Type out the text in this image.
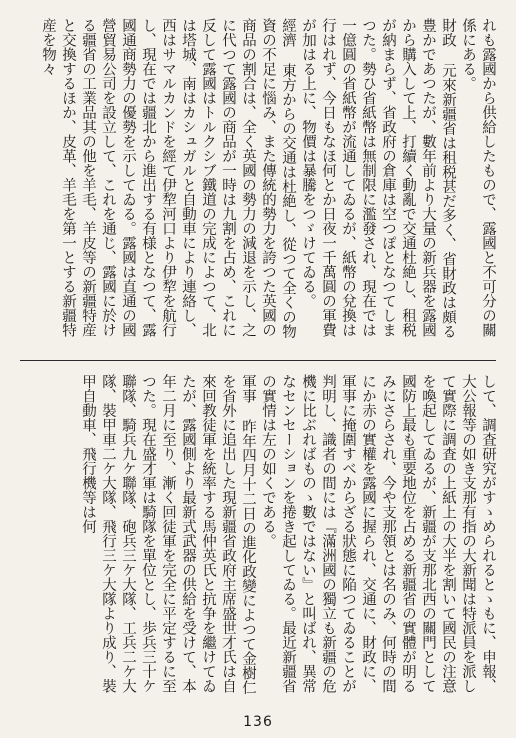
れも露國から供給したもので、露國と不可分の關係にある。
財政 元來新疆省は租税甚だ多く、省財政は頗る豊かであつたが、數年前より大量の新兵器を露國から購入して上、打續く動亂で交通杜絶し、租税が納まらず、省政府の倉庫は空つぽとなつてしまつた。勢ひ省紙幣は無制限に濫發され、現在では一億圓の省紙幣が流通してゐるが、紙幣の兌換は行はれず、今日もなほ何とか日夜一千萬圓の軍費が加はる上に、物價は暴騰をつゞけてゐる。
經濟 東方からの交通は杜絶し、從つて全くの物資の不足に惱み、また傳統的勢力を誇つた英國の商品の割合は、全く英國の勢力の減退を示し、之に代つて露國の商品が一時は九割を占め、これに反して露國はトルクシブ鐵道の完成によつて、北は塔城、南はカシュガルと自動車により連絡し、西はサマルカンドを經て伊犂河口より伊犂を航行し、現在では疆北から進出する有様となつて、露國通商勢力の優勢を示してゐる。露國は直通の國營貿易公司を設立して、これを通じ、露國に於ける疆省の工業品其の他を羊毛、羊皮等の新疆特産と交換するほか、皮革、羊毛を第一とする新疆特産を物々
して、調査研究がすゝめられるとゝもに、申報、大公報等の如き支那有指の大新聞は特派員を派して實際に調査の上紙上の大半を割いて國民の注意を喚起してゐるが、新疆が支那北西の關門として國防上最も重要地位を占める新疆省の實體が明るみにさらされ、今や支那領とは名のみ、何時の間にか赤の實權を露國に握られ、交通に、財政に、軍事に掩圍すべからざる狀態に陥つてゐることが判明し、識者の間には『滿洲國の獨立も新疆の危機に比ぶればものゝ數ではない』と叫ばれ、異常なセンセーションを捲き起してゐる。最近新疆省の實情は左の如くである。
軍事 昨年四月十二日の進化政變によつて金樹仁を省外に追出した現新疆省政府主席盛世才氏は自來回教徒軍を統率する馬仲英氏と抗争を繼けてゐたが、露國側より最新式武器の供給を受けて、本年二月に至り、漸く回徒軍を完全に平定するに至つた。現在盛才軍は騎隊を單位とし、歩兵三十ケ聯隊、騎兵九ケ聯隊、砲兵三ケ大隊、工兵二ケ大隊、裝甲車二ケ大隊、飛行三ケ大隊より成り、裝甲自動車、飛行機等は何
136
